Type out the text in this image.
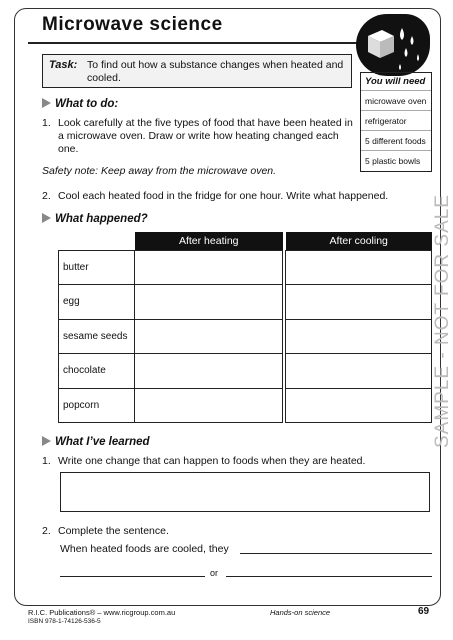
Microwave science
Task: To find out how a substance changes when heated and cooled.	You will need
microwave oven
refrigerator
5 different foods
5 plastic bowls
What to do:
1. Look carefully at the five types of food that have been heated in a microwave oven. Draw or write how heating changed each one.
Safety note: Keep away from the microwave oven.
2. Cool each heated food in the fridge for one hour. Write what happened.
What happened?
	After heating		After cooling
butter			
egg			
sesame seeds			
chocolate			
popcorn			
What I’ve learned
1. Write one change that can happen to foods when they are heated.
2. Complete the sentence.
When heated foods are cooled, they
or
SAMPLE - NOT FOR SALE
R.I.C. Publications® – www.ricgroup.com.au
ISBN 978-1-74126-536-5
Hands-on science	69
